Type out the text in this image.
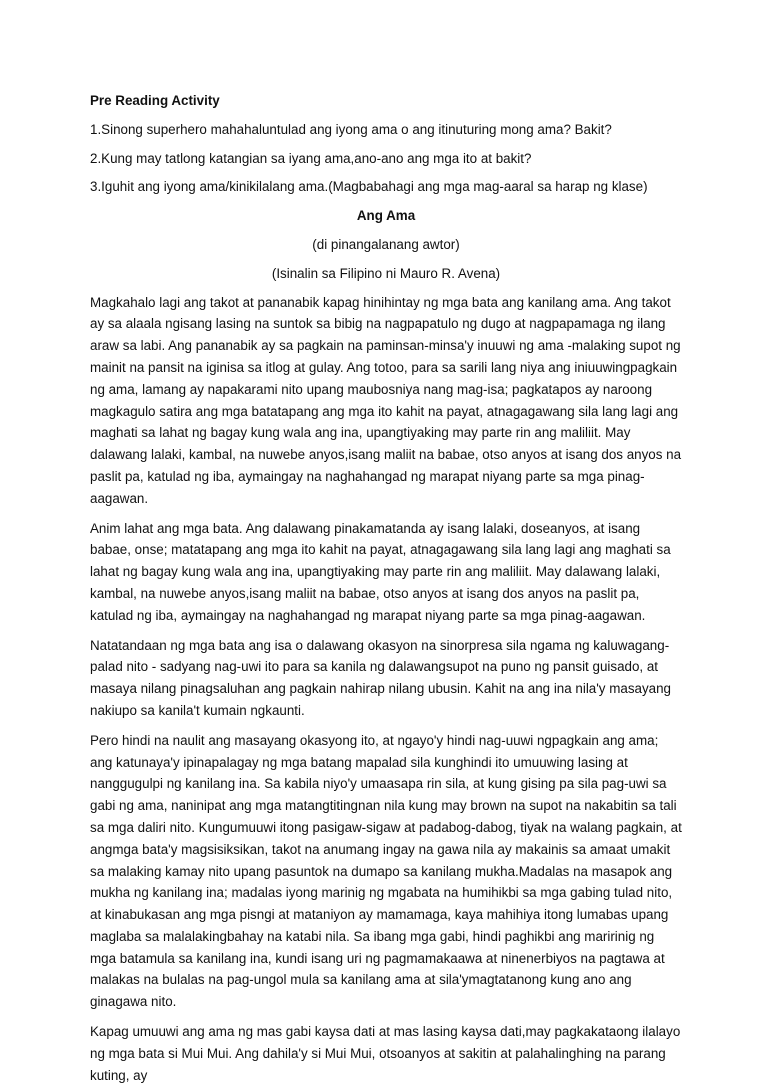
Pre Reading Activity

1.Sinong superhero mahahaluntulad ang iyong ama o ang itinuturing mong ama? Bakit?

2.Kung may tatlong katangian sa iyang ama,ano-ano ang mga ito at bakit?

3.Iguhit ang iyong ama/kinikilalang ama.(Magbabahagi ang mga mag-aaral sa harap ng klase)

Ang Ama

(di pinangalanang awtor)

(Isinalin sa Filipino ni Mauro R. Avena)

Magkahalo lagi ang takot at pananabik kapag hinihintay ng mga bata ang kanilang ama. Ang takot ay sa alaala ngisang lasing na suntok sa bibig na nagpapatulo ng dugo at nagpapamaga ng ilang araw sa labi. Ang pananabik ay sa pagkain na paminsan-minsa'y inuuwi ng ama -malaking supot ng mainit na pansit na iginisa sa itlog at gulay. Ang totoo, para sa sarili lang niya ang iniuuwingpagkain ng ama, lamang ay napakarami nito upang maubosniya nang mag-isa; pagkatapos ay naroong magkagulo satira ang mga batatapang ang mga ito kahit na payat, atnagagawang sila lang lagi ang maghati sa lahat ng bagay kung wala ang ina, upangtiyaking may parte rin ang maliliit. May dalawang lalaki, kambal, na nuwebe anyos,isang maliit na babae, otso anyos at isang dos anyos na paslit pa, katulad ng iba, aymaingay na naghahangad ng marapat niyang parte sa mga pinag-aagawan.

Anim lahat ang mga bata. Ang dalawang pinakamatanda ay isang lalaki, doseanyos, at isang babae, onse; matatapang ang mga ito kahit na payat, atnagagawang sila lang lagi ang maghati sa lahat ng bagay kung wala ang ina, upangtiyaking may parte rin ang maliliit. May dalawang lalaki, kambal, na nuwebe anyos,isang maliit na babae, otso anyos at isang dos anyos na paslit pa, katulad ng iba, aymaingay na naghahangad ng marapat niyang parte sa mga pinag-aagawan.

Natatandaan ng mga bata ang isa o dalawang okasyon na sinorpresa sila ngama ng kaluwagang-palad nito - sadyang nag-uwi ito para sa kanila ng dalawangsupot na puno ng pansit guisado, at masaya nilang pinagsaluhan ang pagkain nahirap nilang ubusin. Kahit na ang ina nila'y masayang nakiupo sa kanila't kumain ngkaunti.

Pero hindi na naulit ang masayang okasyong ito, at ngayo'y hindi nag-uuwi ngpagkain ang ama; ang katunaya'y ipinapalagay ng mga batang mapalad sila kunghindi ito umuuwing lasing at nanggugulpi ng kanilang ina. Sa kabila niyo'y umaasapa rin sila, at kung gising pa sila pag-uwi sa gabi ng ama, naninipat ang mga matangtitingnan nila kung may brown na supot na nakabitin sa tali sa mga daliri nito. Kungumuuwi itong pasigaw-sigaw at padabog-dabog, tiyak na walang pagkain, at angmga bata'y magsisiksikan, takot na anumang ingay na gawa nila ay makainis sa amaat umakit sa malaking kamay nito upang pasuntok na dumapo sa kanilang mukha.Madalas na masapok ang mukha ng kanilang ina; madalas iyong marinig ng mgabata na humihikbi sa mga gabing tulad nito, at kinabukasan ang mga pisngi at mataniyon ay mamamaga, kaya mahihiya itong lumabas upang maglaba sa malalakingbahay na katabi nila. Sa ibang mga gabi, hindi paghikbi ang maririnig ng mga batamula sa kanilang ina, kundi isang uri ng pagmamakaawa at ninenerbiyos na pagtawa at malakas na bulalas na pag-ungol mula sa kanilang ama at sila'ymagtatanong kung ano ang ginagawa nito.

Kapag umuuwi ang ama ng mas gabi kaysa dati at mas lasing kaysa dati,may pagkakataong ilalayo ng mga bata si Mui Mui. Ang dahila'y si Mui Mui, otsoanyos at sakitin at palahalinghing na parang kuting, ay
